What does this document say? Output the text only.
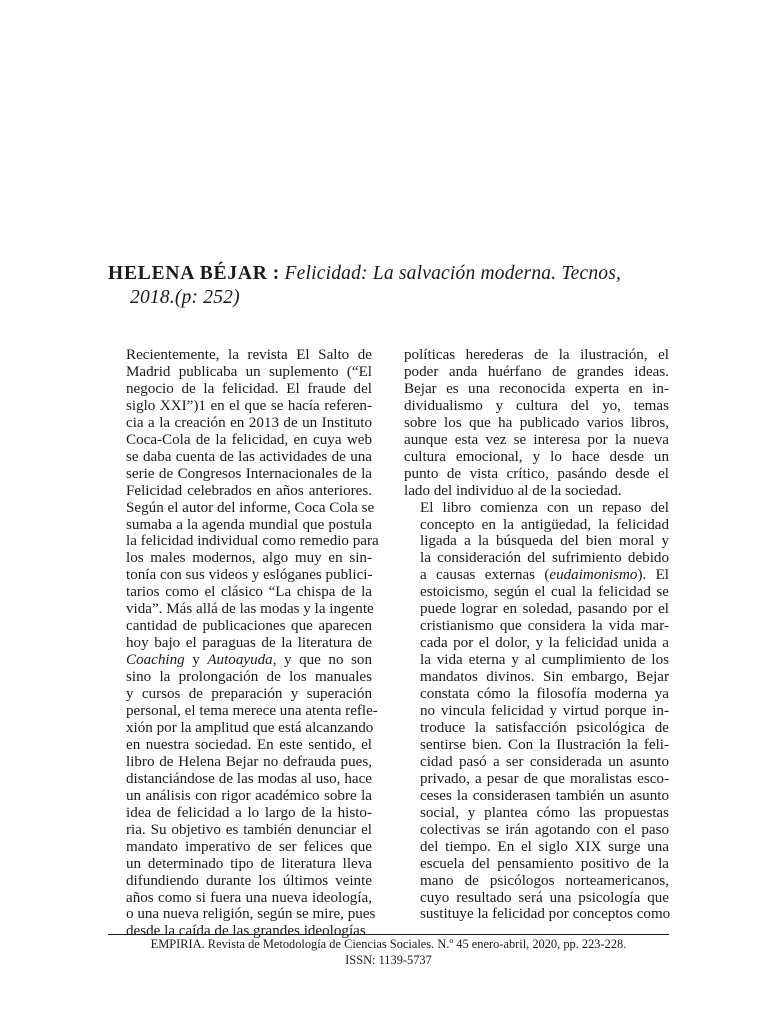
HELENA BÉJAR : Felicidad: La salvación moderna. Tecnos,
2018.(p: 252)

Recientemente, la revista El Salto de
Madrid publicaba un suplemento (“El
negocio de la felicidad. El fraude del
siglo XXI”)1 en el que se hacía referen-
cia a la creación en 2013 de un Instituto
Coca-Cola de la felicidad, en cuya web
se daba cuenta de las actividades de una
serie de Congresos Internacionales de la
Felicidad celebrados en años anteriores.
Según el autor del informe, Coca Cola se
sumaba a la agenda mundial que postula
la felicidad individual como remedio para
los males modernos, algo muy en sin-
tonía con sus videos y eslóganes publici-
tarios como el clásico “La chispa de la
vida”. Más allá de las modas y la ingente
cantidad de publicaciones que aparecen
hoy bajo el paraguas de la literatura de
Coaching y Autoayuda, y que no son
sino la prolongación de los manuales
y cursos de preparación y superación
personal, el tema merece una atenta refle-
xión por la amplitud que está alcanzando
en nuestra sociedad. En este sentido, el
libro de Helena Bejar no defrauda pues,
distanciándose de las modas al uso, hace
un análisis con rigor académico sobre la
idea de felicidad a lo largo de la histo-
ria. Su objetivo es también denunciar el
mandato imperativo de ser felices que
un determinado tipo de literatura lleva
difundiendo durante los últimos veinte
años como si fuera una nueva ideología,
o una nueva religión, según se mire, pues
desde la caída de las grandes ideologías

políticas herederas de la ilustración, el
poder anda huérfano de grandes ideas.
Bejar es una reconocida experta en in-
dividualismo y cultura del yo, temas
sobre los que ha publicado varios libros,
aunque esta vez se interesa por la nueva
cultura emocional, y lo hace desde un
punto de vista crítico, pasándo desde el
lado del individuo al de la sociedad.

El libro comienza con un repaso del
concepto en la antigüedad, la felicidad
ligada a la búsqueda del bien moral y
la consideración del sufrimiento debido
a causas externas (eudaimonismo). El
estoicismo, según el cual la felicidad se
puede lograr en soledad, pasando por el
cristianismo que considera la vida mar-
cada por el dolor, y la felicidad unida a
la vida eterna y al cumplimiento de los
mandatos divinos. Sin embargo, Bejar
constata cómo la filosofía moderna ya
no vincula felicidad y virtud porque in-
troduce la satisfacción psicológica de
sentirse bien. Con la Ilustración la feli-
cidad pasó a ser considerada un asunto
privado, a pesar de que moralistas esco-
ceses la considerasen también un asunto
social, y plantea cómo las propuestas
colectivas se irán agotando con el paso
del tiempo. En el siglo XIX surge una
escuela del pensamiento positivo de la
mano de psicólogos norteamericanos,
cuyo resultado será una psicología que
sustituye la felicidad por conceptos como

EMPIRIA. Revista de Metodología de Ciencias Sociales. N.º 45 enero-abril, 2020, pp. 223-228.
ISSN: 1139-5737
